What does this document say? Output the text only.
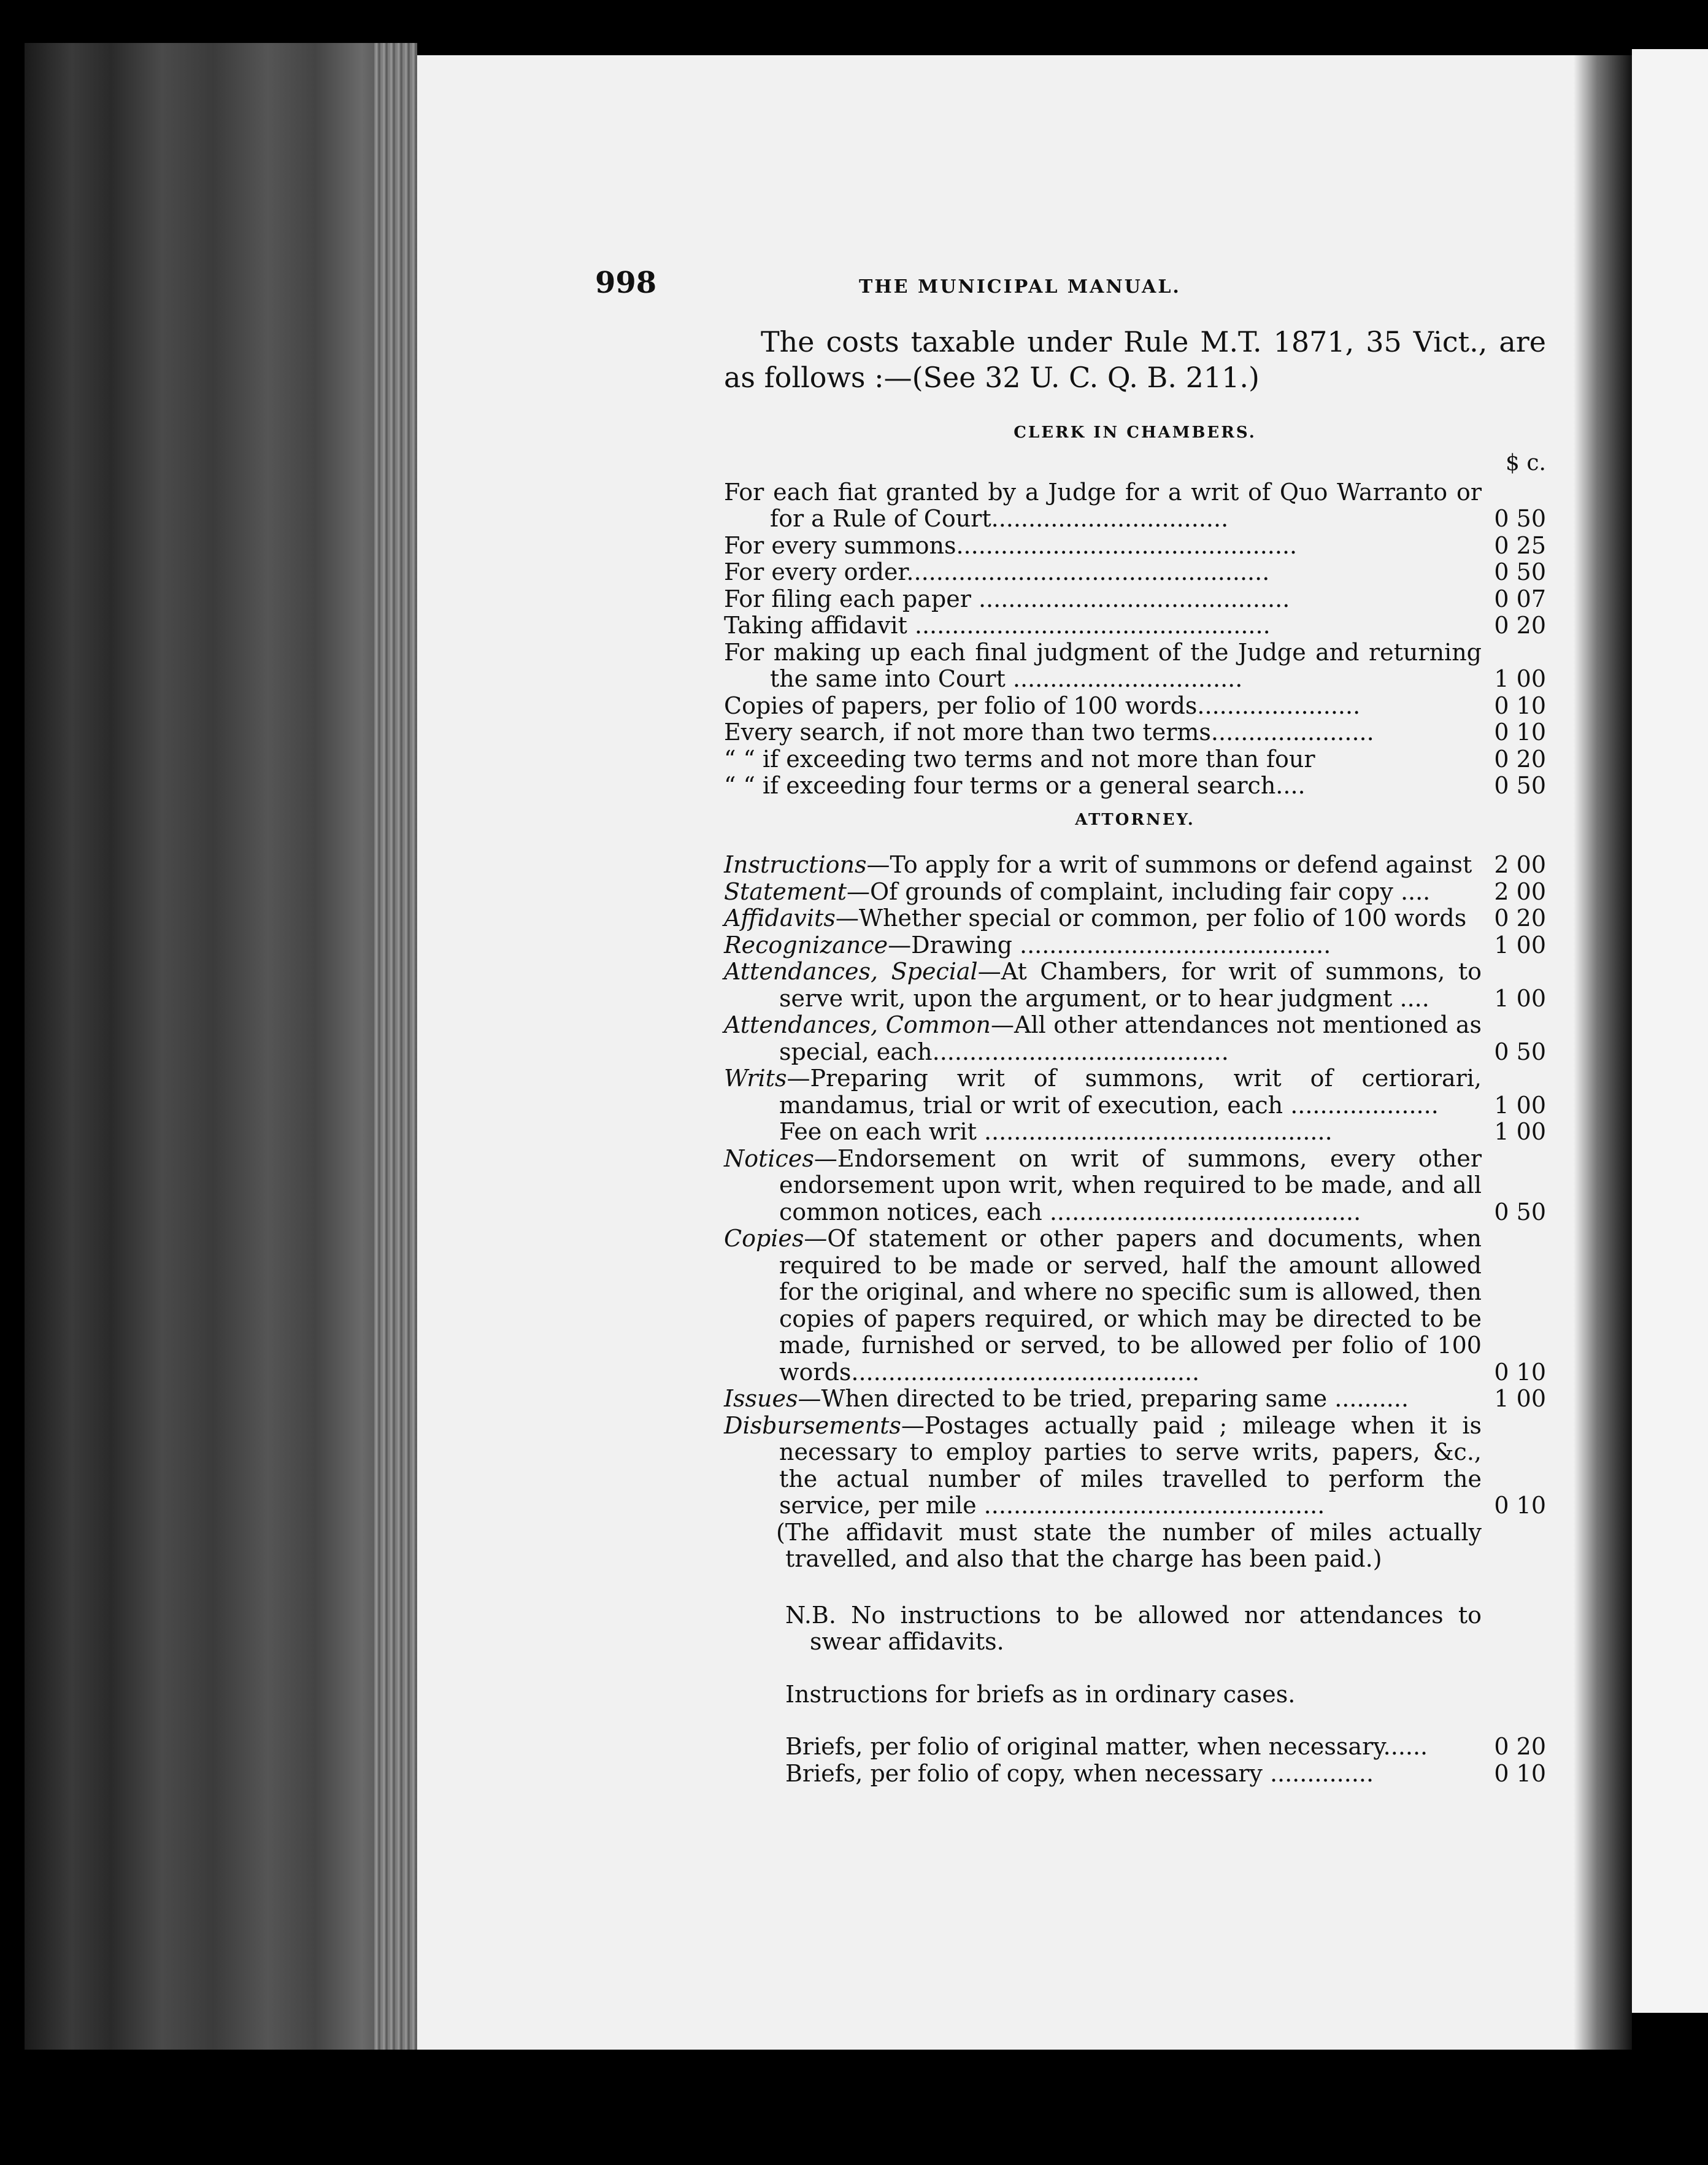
998	THE MUNICIPAL MANUAL.

The costs taxable under Rule M.T. 1871, 35 Vict., are as follows :—(See 32 U. C. Q. B. 211.)

CLERK IN CHAMBERS.
$ c.
For each fiat granted by a Judge for a writ of Quo Warranto or for a Rule of Court................................	0 50
For every summons..............................................	0 25
For every order.................................................	0 50
For filing each paper ..........................................	0 07
Taking affidavit ................................................	0 20
For making up each final judgment of the Judge and returning the same into Court ...............................	1 00
Copies of papers, per folio of 100 words......................	0 10
Every search, if not more than two terms......................	0 10
“ “ if exceeding two terms and not more than four	0 20
“ “ if exceeding four terms or a general search....	0 50
ATTORNEY.
Instructions—To apply for a writ of summons or defend against 2 00
Statement—Of grounds of complaint, including fair copy ....	2 00
Affidavits—Whether special or common, per folio of 100 words	0 20
Recognizance—Drawing ..........................................	1 00
Attendances, Special—At Chambers, for writ of summons, to serve writ, upon the argument, or to hear judgment ....	1 00
Attendances, Common—All other attendances not mentioned as special, each........................................	0 50
Writs—Preparing writ of summons, writ of certiorari, mandamus, trial or writ of execution, each ....................	1 00
Fee on each writ ...............................................	1 00
Notices—Endorsement on writ of summons, every other endorsement upon writ, when required to be made, and all common notices, each ..........................................	0 50
Copies—Of statement or other papers and documents, when required to be made or served, half the amount allowed for the original, and where no specific sum is allowed, then copies of papers required, or which may be directed to be made, furnished or served, to be allowed per folio of 100 words...............................................	0 10
Issues—When directed to be tried, preparing same ..........	1 00
Disbursements—Postages actually paid ; mileage when it is necessary to employ parties to serve writs, papers, &c., the actual number of miles travelled to perform the service, per mile ..............................................	0 10
(The affidavit must state the number of miles actually travelled, and also that the charge has been paid.)
N.B. No instructions to be allowed nor attendances to swear affidavits.
Instructions for briefs as in ordinary cases.
Briefs, per folio of original matter, when necessary......	0 20
Briefs, per folio of copy, when necessary ..............	0 10
